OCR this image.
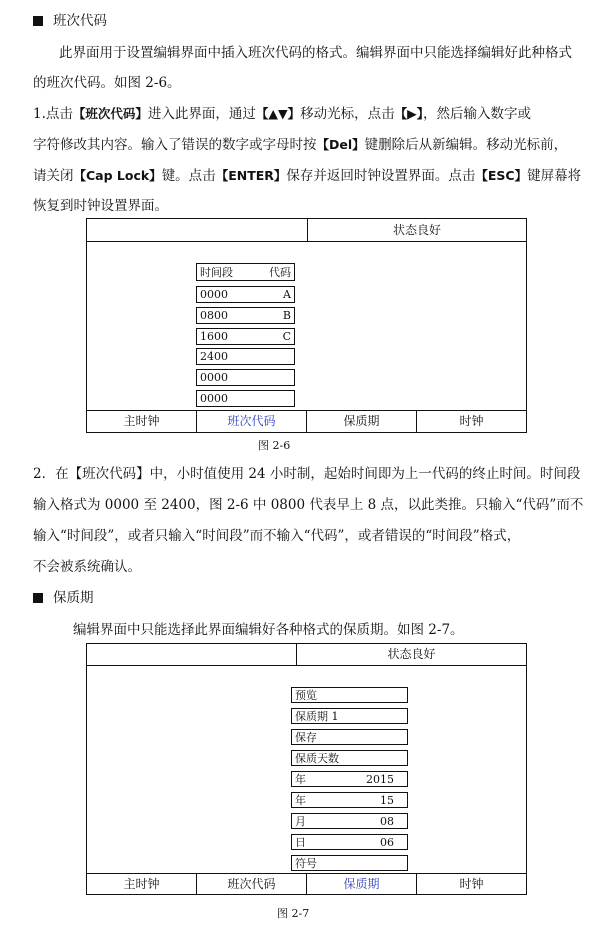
班次代码
此界面用于设置编辑界面中插入班次代码的格式。编辑界面中只能选择编辑好此种格式
的班次代码。如图 2-6。
1.点击【班次代码】进入此界面，通过【▲▼】移动光标，点击【▶】，然后输入数字或
字符修改其内容。输入了错误的数字或字母时按【Del】键删除后从新编辑。移动光标前，
请关闭【Cap Lock】键。点击【ENTER】保存并返回时钟设置界面。点击【ESC】键屏幕将
恢复到时钟设置界面。
状态良好
时间段	代码
0000	A
0800	B
1600	C
2400
0000
0000
主时钟	班次代码	保质期	时钟
图 2-6
2．在【班次代码】中，小时值使用 24 小时制，起始时间即为上一代码的终止时间。时间段
输入格式为 0000 至 2400，图 2-6 中 0800 代表早上 8 点，以此类推。只输入“代码”而不
输入“时间段”，或者只输入“时间段”而不输入“代码”，或者错误的“时间段”格式，
不会被系统确认。
保质期
编辑界面中只能选择此界面编辑好各种格式的保质期。如图 2-7。
状态良好
预览
保质期 1
保存
保质天数
年	2015
年	15
月	08
日	06
符号
主时钟	班次代码	保质期	时钟
图 2-7
